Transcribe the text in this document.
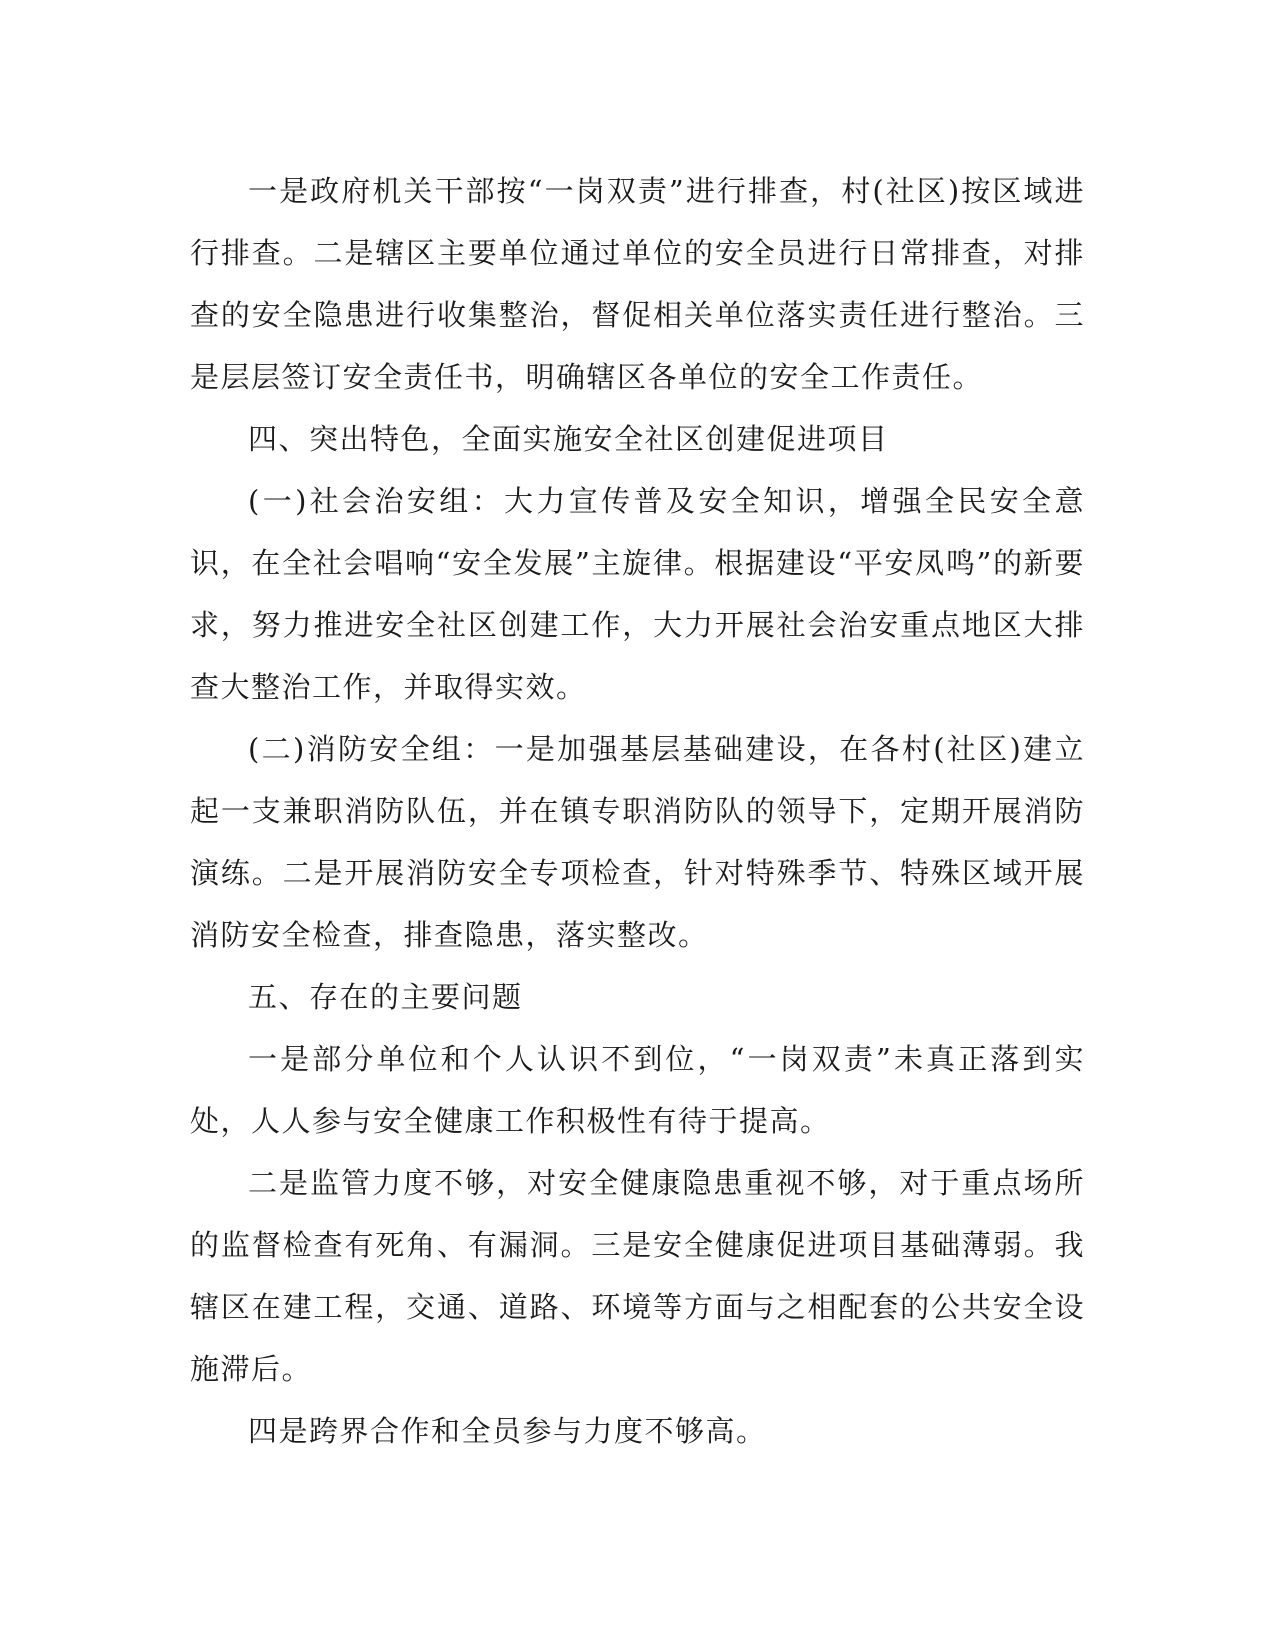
一是政府机关干部按“一岗双责”进行排查，村(社区)按区域进行排查。二是辖区主要单位通过单位的安全员进行日常排查，对排查的安全隐患进行收集整治，督促相关单位落实责任进行整治。三是层层签订安全责任书，明确辖区各单位的安全工作责任。

四、突出特色，全面实施安全社区创建促进项目

(一)社会治安组：大力宣传普及安全知识，增强全民安全意识，在全社会唱响“安全发展”主旋律。根据建设“平安凤鸣”的新要求，努力推进安全社区创建工作，大力开展社会治安重点地区大排查大整治工作，并取得实效。

(二)消防安全组：一是加强基层基础建设，在各村(社区)建立起一支兼职消防队伍，并在镇专职消防队的领导下，定期开展消防演练。二是开展消防安全专项检查，针对特殊季节、特殊区域开展消防安全检查，排查隐患，落实整改。

五、存在的主要问题

一是部分单位和个人认识不到位，“一岗双责”未真正落到实处，人人参与安全健康工作积极性有待于提高。

二是监管力度不够，对安全健康隐患重视不够，对于重点场所的监督检查有死角、有漏洞。三是安全健康促进项目基础薄弱。我辖区在建工程，交通、道路、环境等方面与之相配套的公共安全设施滞后。

四是跨界合作和全员参与力度不够高。
